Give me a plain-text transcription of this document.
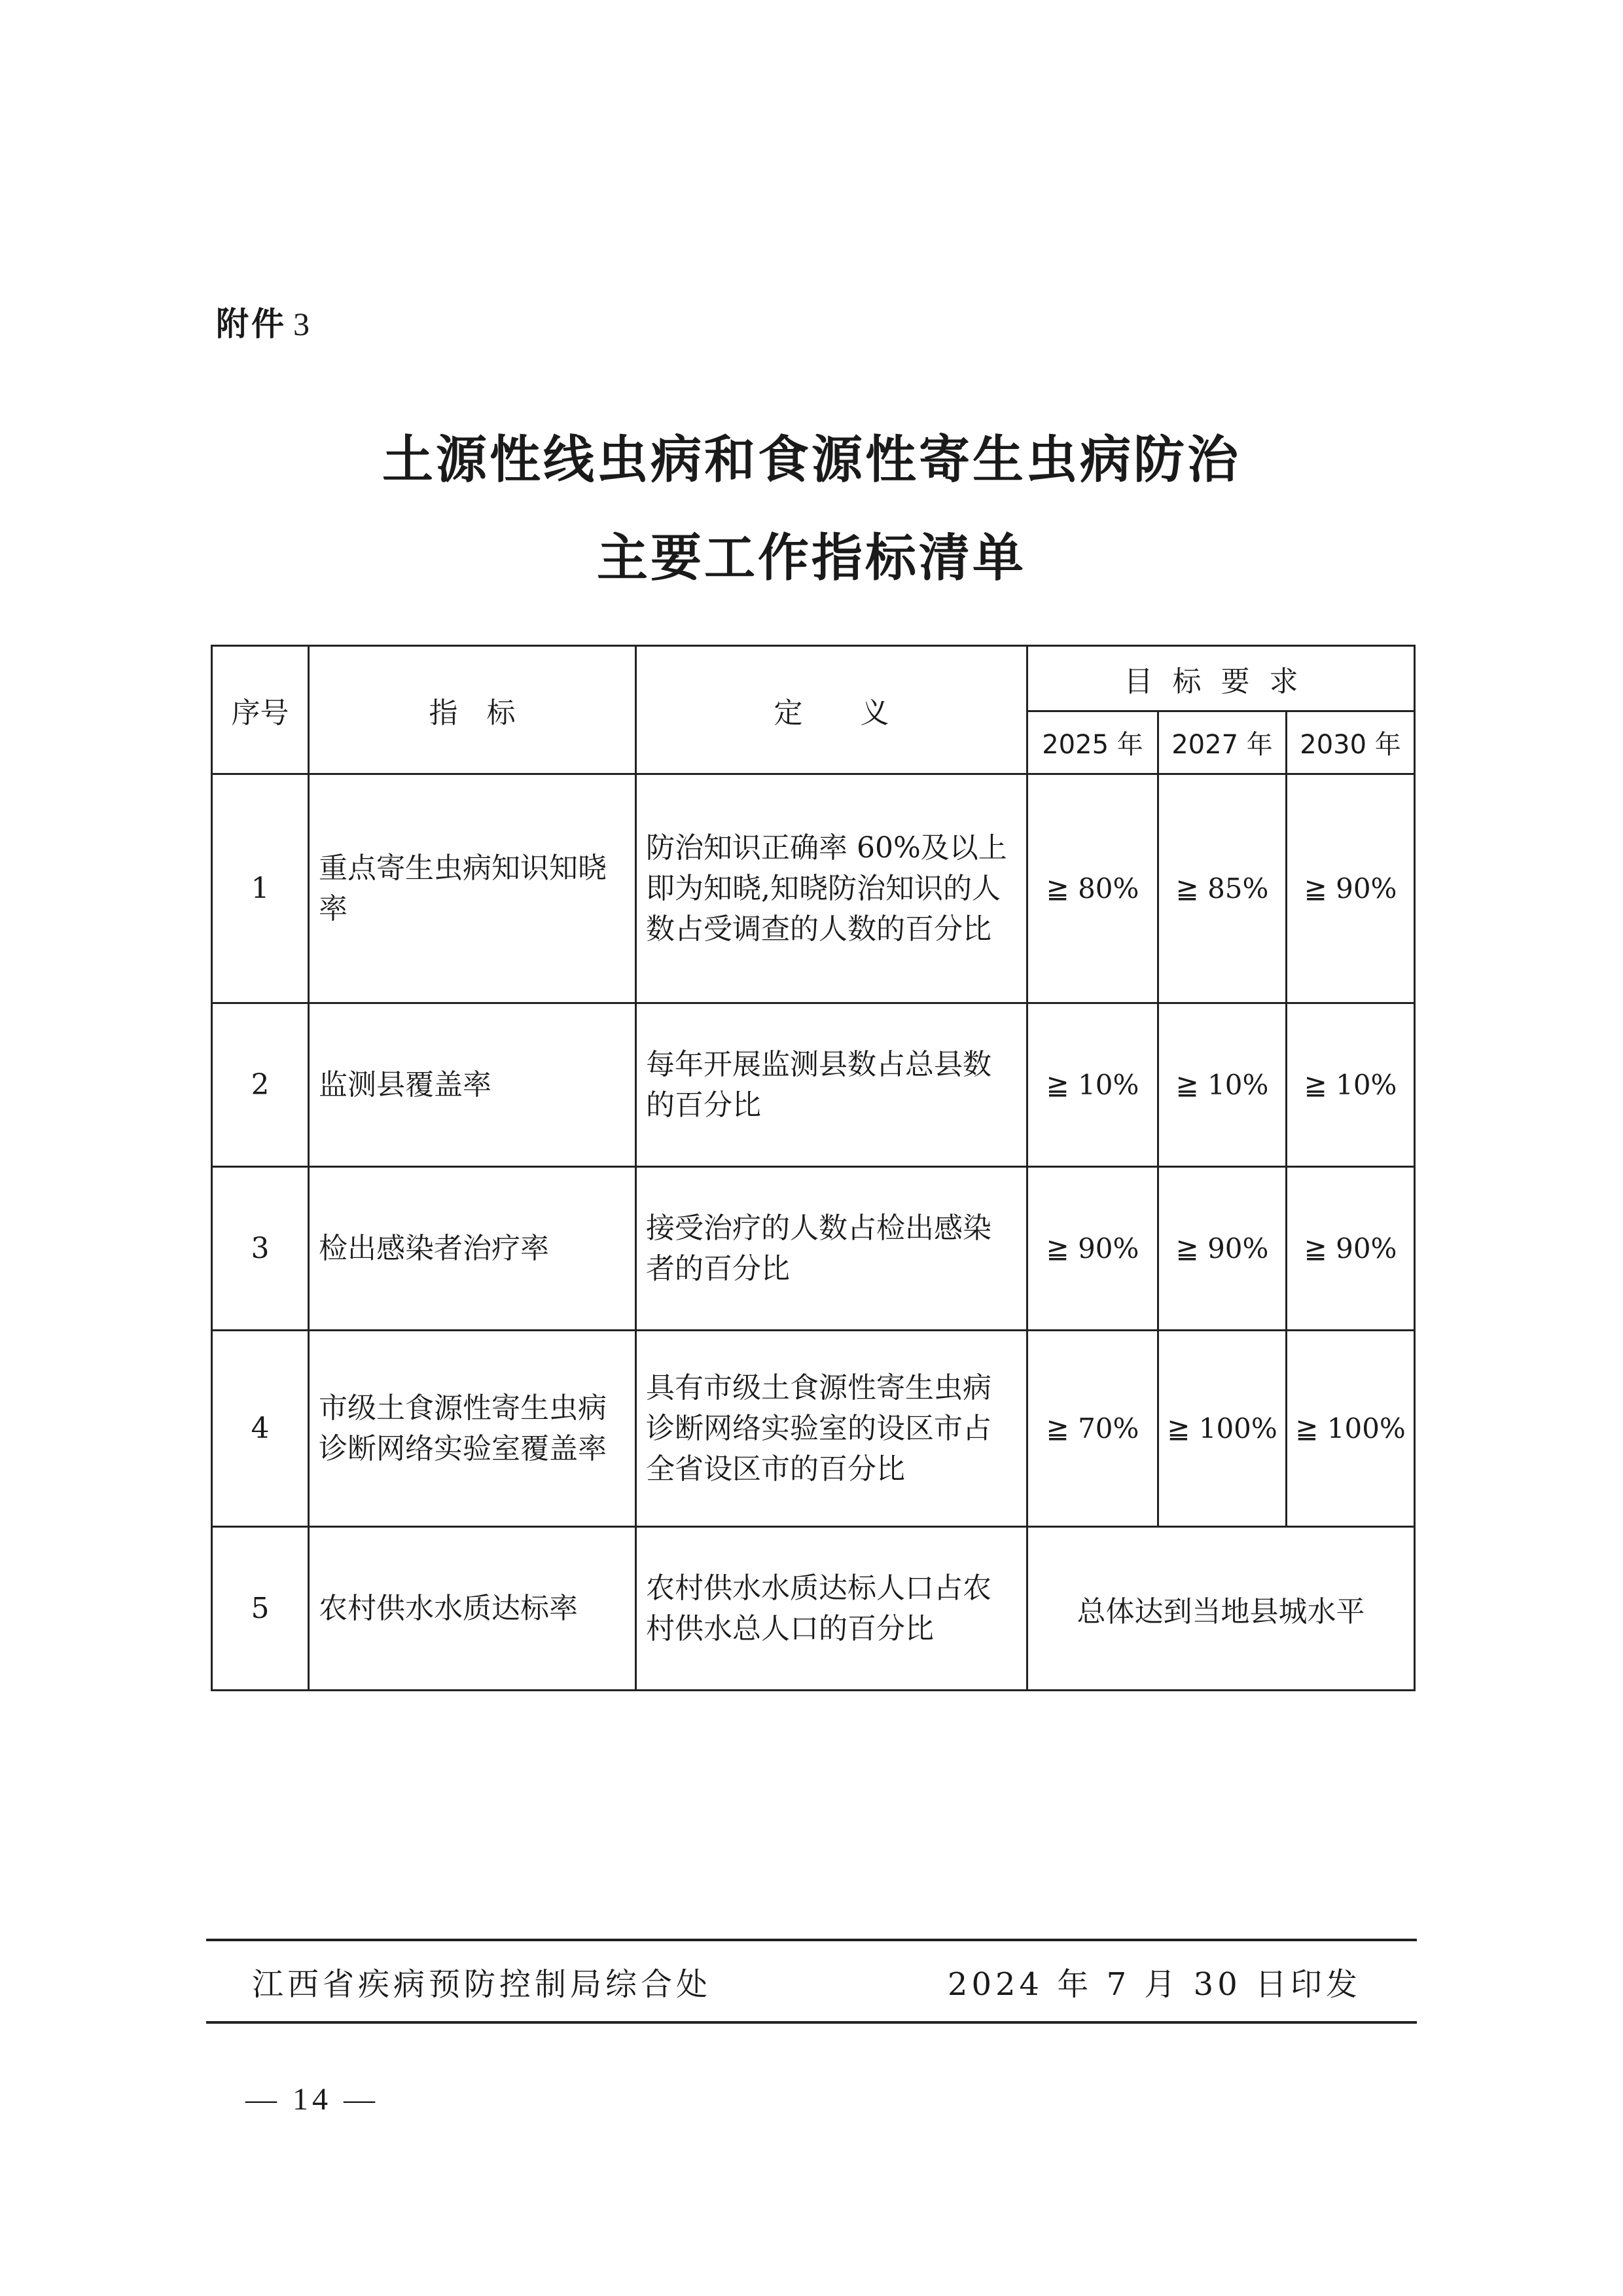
附件 3
土源性线虫病和食源性寄生虫病防治
主要工作指标清单
序号	指　标	定　　义	目标要求		
			2025 年	2027 年	2030 年
1	重点寄生虫病知识知晓率	防治知识正确率 60%及以上即为知晓,知晓防治知识的人数占受调查的人数的百分比	≧ 80%	≧ 85%	≧ 90%
2	监测县覆盖率	每年开展监测县数占总县数的百分比	≧ 10%	≧ 10%	≧ 10%
3	检出感染者治疗率	接受治疗的人数占检出感染者的百分比	≧ 90%	≧ 90%	≧ 90%
4	市级土食源性寄生虫病诊断网络实验室覆盖率	具有市级土食源性寄生虫病诊断网络实验室的设区市占全省设区市的百分比	≧ 70%	≧ 100%	≧ 100%
5	农村供水水质达标率	农村供水水质达标人口占农村供水总人口的百分比	总体达到当地县城水平		
江西省疾病预防控制局综合处	2024 年 7 月 30 日印发
— 14 —
